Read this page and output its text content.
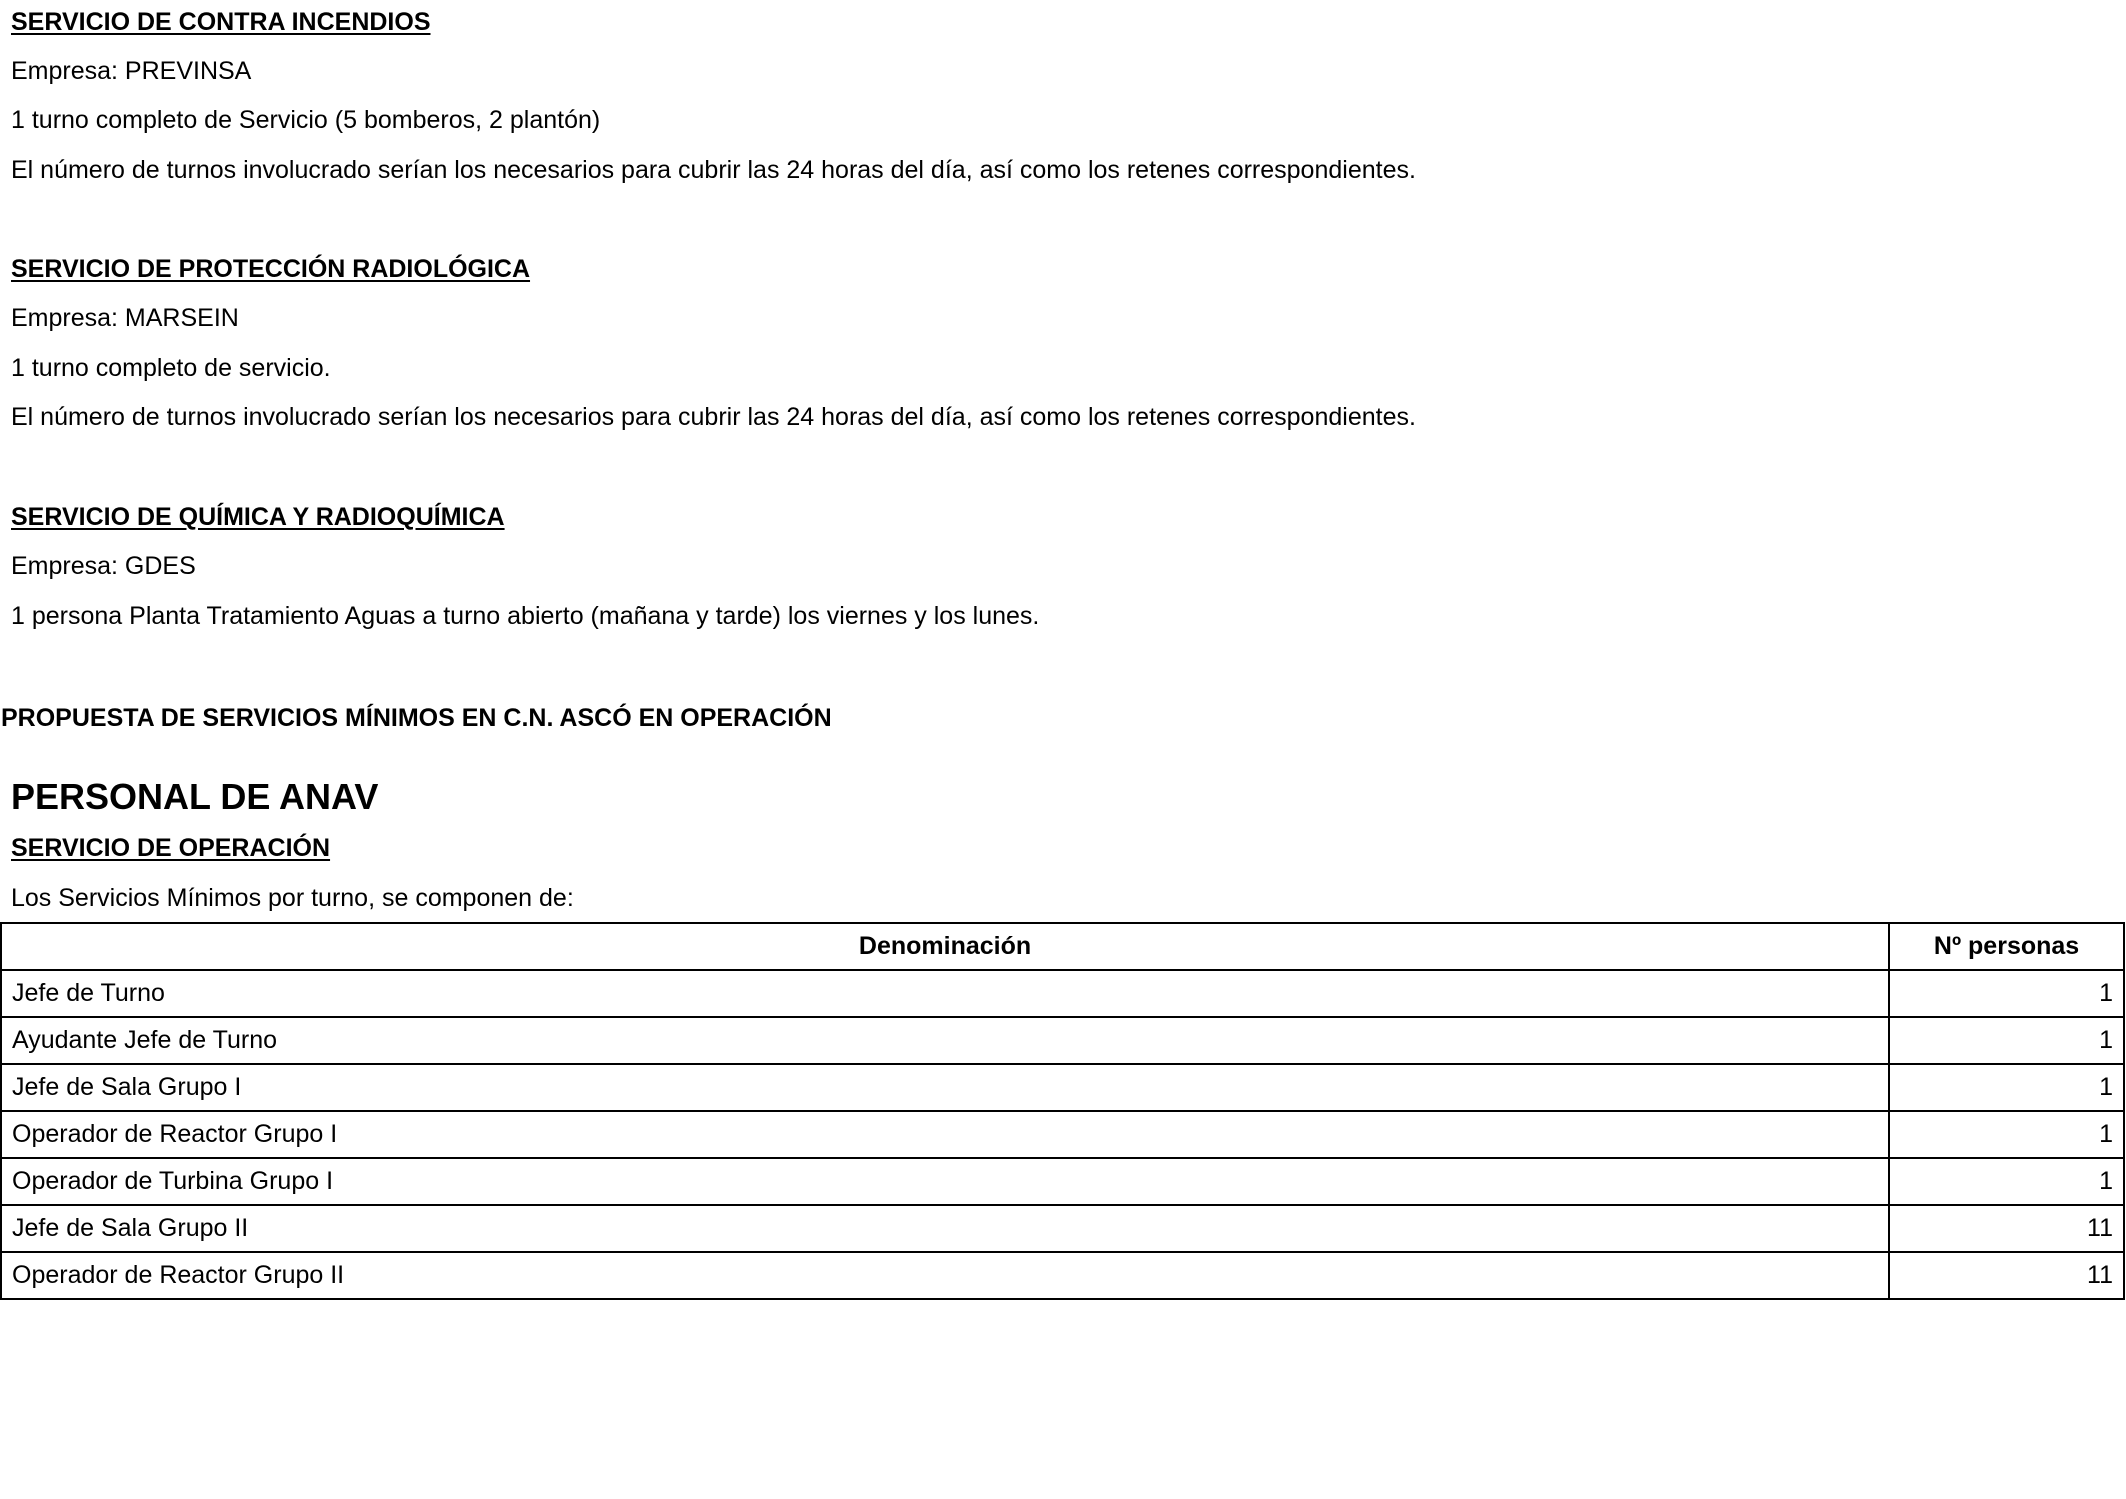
SERVICIO DE CONTRA INCENDIOS
Empresa: PREVINSA
1 turno completo de Servicio (5 bomberos, 2 plantón)
El número de turnos involucrado serían los necesarios para cubrir las 24 horas del día, así como los retenes correspondientes.
SERVICIO DE PROTECCIÓN RADIOLÓGICA
Empresa: MARSEIN
1 turno completo de servicio.
El número de turnos involucrado serían los necesarios para cubrir las 24 horas del día, así como los retenes correspondientes.
SERVICIO DE QUÍMICA Y RADIOQUÍMICA
Empresa: GDES
1 persona Planta Tratamiento Aguas a turno abierto (mañana y tarde) los viernes y los lunes.
PROPUESTA DE SERVICIOS MÍNIMOS EN C.N. ASCÓ EN OPERACIÓN
PERSONAL DE ANAV
SERVICIO DE OPERACIÓN
Los Servicios Mínimos por turno, se componen de:
Denominación	Nº personas
Jefe de Turno	1
Ayudante Jefe de Turno	1
Jefe de Sala Grupo I	1
Operador de Reactor Grupo I	1
Operador de Turbina Grupo I	1
Jefe de Sala Grupo II	11
Operador de Reactor Grupo II	11
